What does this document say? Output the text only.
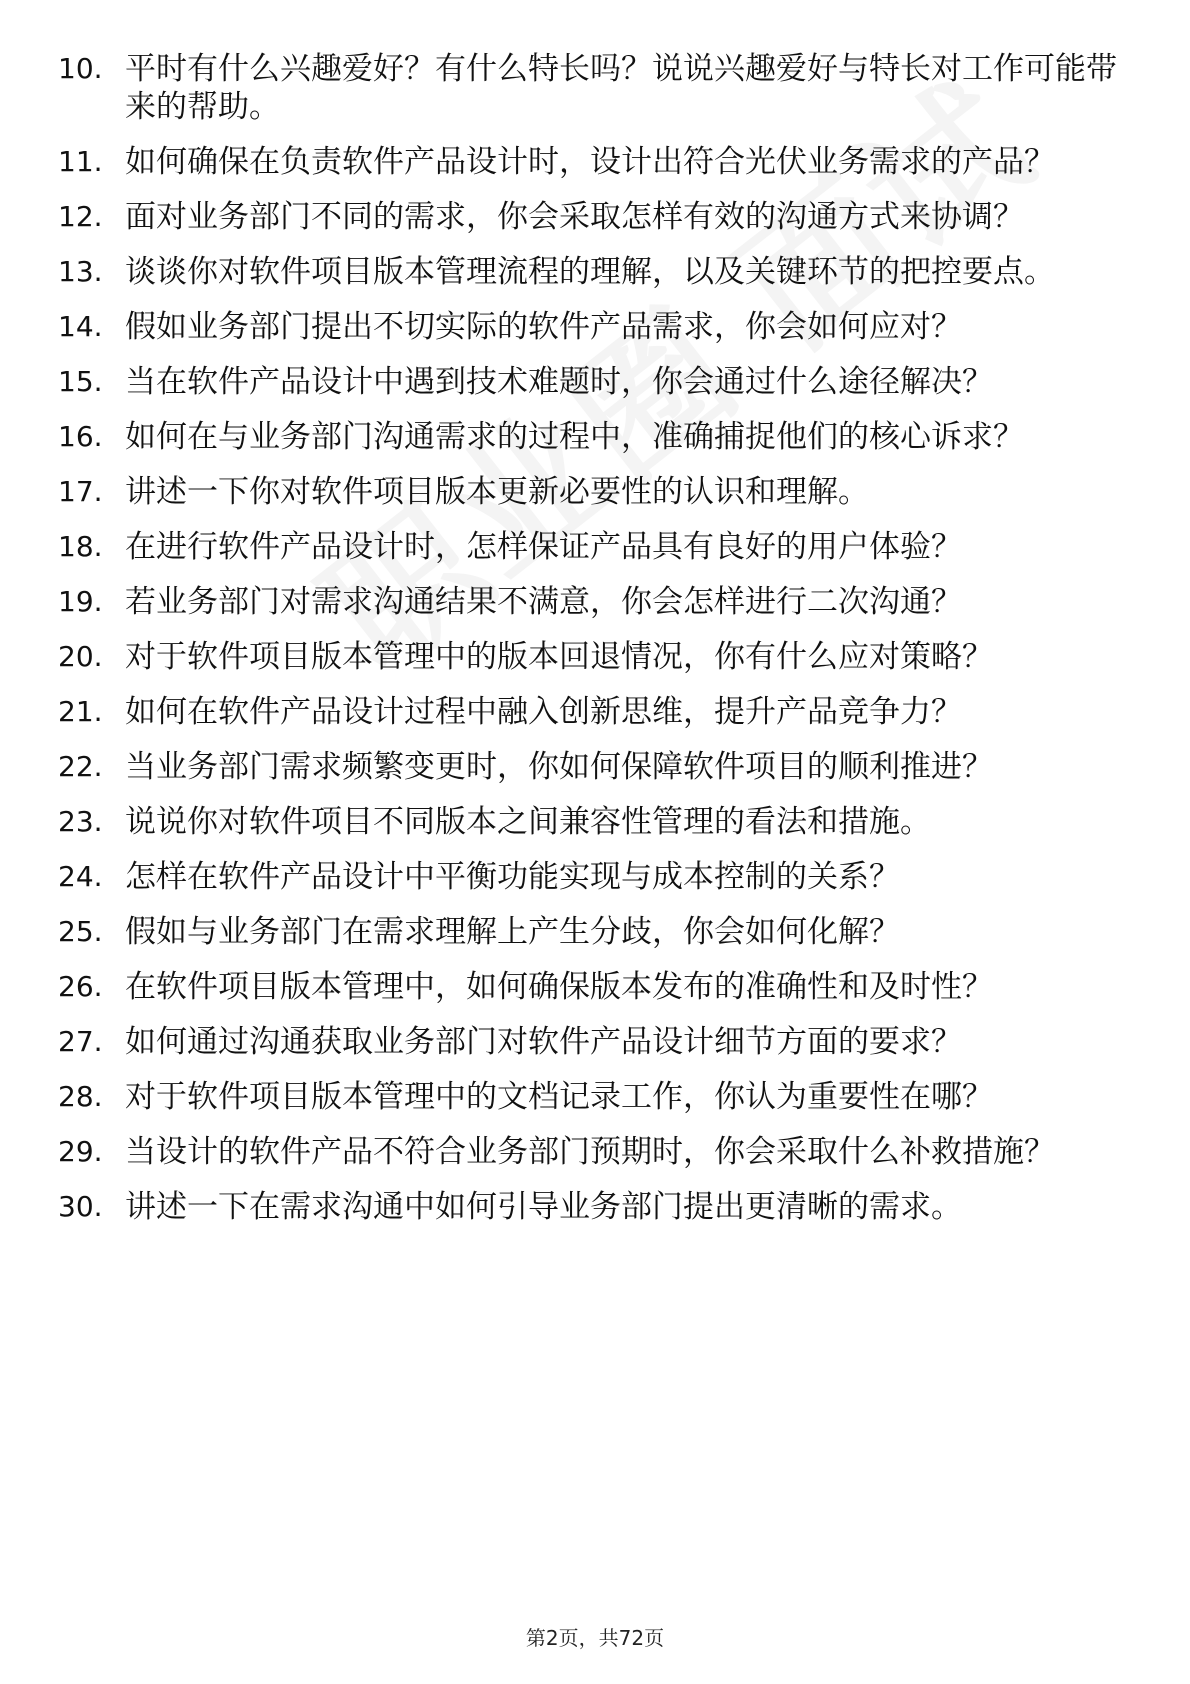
10. 平时有什么兴趣爱好？有什么特长吗？说说兴趣爱好与特长对工作可能带来的帮助。
11. 如何确保在负责软件产品设计时，设计出符合光伏业务需求的产品？
12. 面对业务部门不同的需求，你会采取怎样有效的沟通方式来协调？
13. 谈谈你对软件项目版本管理流程的理解，以及关键环节的把控要点。
14. 假如业务部门提出不切实际的软件产品需求，你会如何应对？
15. 当在软件产品设计中遇到技术难题时，你会通过什么途径解决？
16. 如何在与业务部门沟通需求的过程中，准确捕捉他们的核心诉求？
17. 讲述一下你对软件项目版本更新必要性的认识和理解。
18. 在进行软件产品设计时，怎样保证产品具有良好的用户体验？
19. 若业务部门对需求沟通结果不满意，你会怎样进行二次沟通？
20. 对于软件项目版本管理中的版本回退情况，你有什么应对策略？
21. 如何在软件产品设计过程中融入创新思维，提升产品竞争力？
22. 当业务部门需求频繁变更时，你如何保障软件项目的顺利推进？
23. 说说你对软件项目不同版本之间兼容性管理的看法和措施。
24. 怎样在软件产品设计中平衡功能实现与成本控制的关系？
25. 假如与业务部门在需求理解上产生分歧，你会如何化解？
26. 在软件项目版本管理中，如何确保版本发布的准确性和及时性？
27. 如何通过沟通获取业务部门对软件产品设计细节方面的要求？
28. 对于软件项目版本管理中的文档记录工作，你认为重要性在哪？
29. 当设计的软件产品不符合业务部门预期时，你会采取什么补救措施？
30. 讲述一下在需求沟通中如何引导业务部门提出更清晰的需求。
第2页，共72页
